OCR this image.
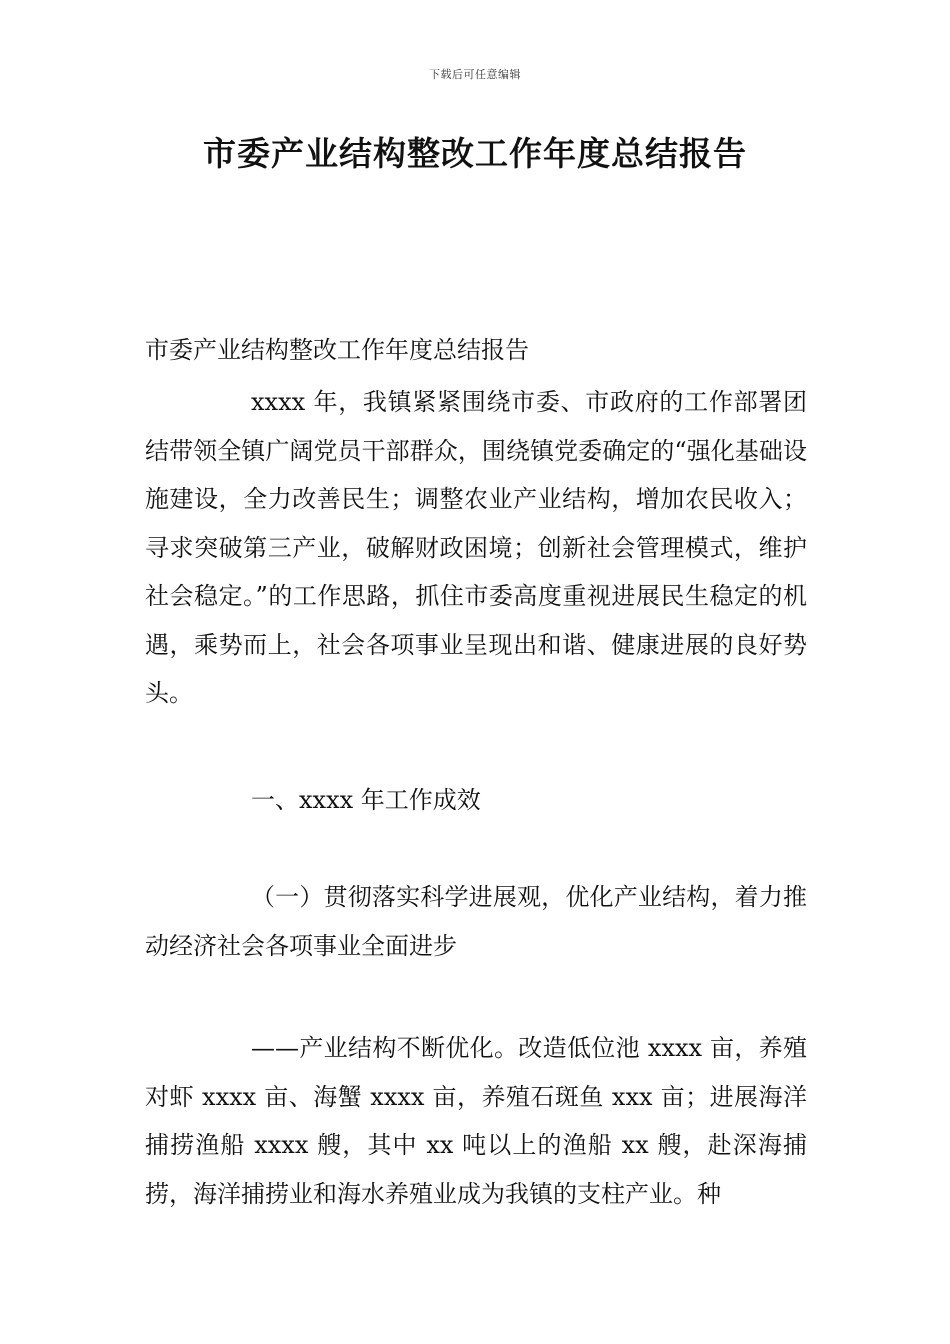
下载后可任意编辑
市委产业结构整改工作年度总结报告

市委产业结构整改工作年度总结报告

xxxx 年，我镇紧紧围绕市委、市政府的工作部署团结带领全镇广阔党员干部群众，围绕镇党委确定的“强化基础设施建设，全力改善民生；调整农业产业结构，增加农民收入；寻求突破第三产业，破解财政困境；创新社会管理模式，维护社会稳定。”的工作思路，抓住市委高度重视进展民生稳定的机遇，乘势而上，社会各项事业呈现出和谐、健康进展的良好势头。

一、xxxx 年工作成效

（一）贯彻落实科学进展观，优化产业结构，着力推动经济社会各项事业全面进步

——产业结构不断优化。改造低位池 xxxx 亩，养殖对虾 xxxx 亩、海蟹 xxxx 亩，养殖石斑鱼 xxx 亩；进展海洋捕捞渔船 xxxx 艘，其中 xx 吨以上的渔船 xx 艘，赴深海捕捞，海洋捕捞业和海水养殖业成为我镇的支柱产业。种
